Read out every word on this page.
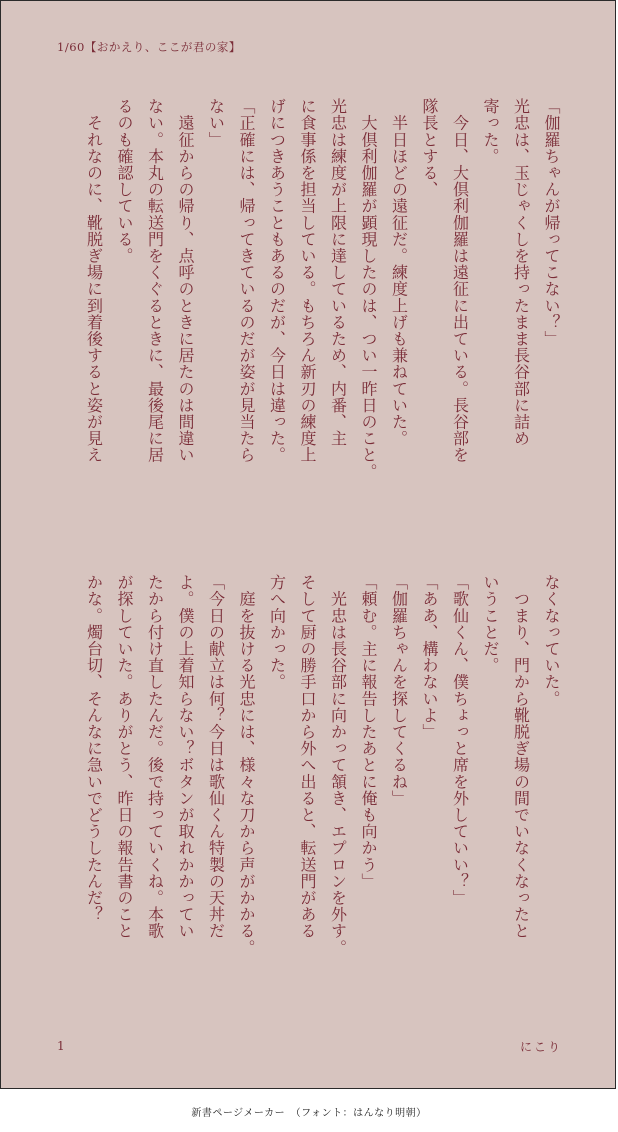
1/60【おかえり、ここが君の家】
「伽羅ちゃんが帰ってこない？」
光忠は、玉じゃくしを持ったまま長谷部に詰め
寄った。
　今日、大倶利伽羅は遠征に出ている。長谷部を
隊長とする、
　半日ほどの遠征だ。練度上げも兼ねていた。
　大倶利伽羅が顕現したのは、つい一昨日のこと。
光忠は練度が上限に達しているため、内番、主
に食事係を担当している。もちろん新刃の練度上
げにつきあうこともあるのだが、今日は違った。
「正確には、帰ってきているのだが姿が見当たら
ない」
　遠征からの帰り、点呼のときに居たのは間違い
ない。本丸の転送門をくぐるときに、最後尾に居
るのも確認している。
　それなのに、靴脱ぎ場に到着後すると姿が見え
なくなっていた。
　つまり、門から靴脱ぎ場の間でいなくなったと
いうことだ。
「歌仙くん、僕ちょっと席を外していい？」
「ああ、構わないよ」
「伽羅ちゃんを探してくるね」
「頼む。主に報告したあとに俺も向かう」
　光忠は長谷部に向かって頷き、エプロンを外す。
そして厨の勝手口から外へ出ると、転送門がある
方へ向かった。
　庭を抜ける光忠には、様々な刀から声がかかる。
「今日の献立は何？今日は歌仙くん特製の天丼だ
よ。僕の上着知らない？ボタンが取れかかってい
たから付け直したんだ。後で持っていくね。本歌
が探していた。ありがとう、昨日の報告書のこと
かな。燭台切、そんなに急いでどうしたんだ？
1	にこり
新書ページメーカー　（フォント：はんなり明朝）
